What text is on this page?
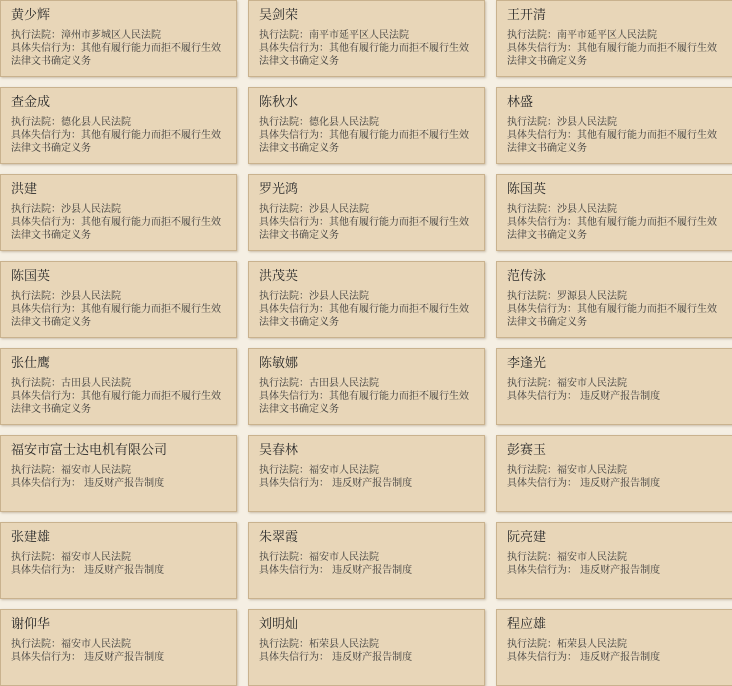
黄少辉
执行法院：漳州市芗城区人民法院
具体失信行为：其他有履行能力而拒不履行生效法律文书确定义务
吴剑荣
执行法院：南平市延平区人民法院
具体失信行为：其他有履行能力而拒不履行生效法律文书确定义务
王开清
执行法院：南平市延平区人民法院
具体失信行为：其他有履行能力而拒不履行生效法律文书确定义务
查金成
执行法院：德化县人民法院
具体失信行为：其他有履行能力而拒不履行生效法律文书确定义务
陈秋水
执行法院：德化县人民法院
具体失信行为：其他有履行能力而拒不履行生效法律文书确定义务
林盛
执行法院：沙县人民法院
具体失信行为：其他有履行能力而拒不履行生效法律文书确定义务
洪建
执行法院：沙县人民法院
具体失信行为：其他有履行能力而拒不履行生效法律文书确定义务
罗光鸿
执行法院：沙县人民法院
具体失信行为：其他有履行能力而拒不履行生效法律文书确定义务
陈国英
执行法院：沙县人民法院
具体失信行为：其他有履行能力而拒不履行生效法律文书确定义务
陈国英
执行法院：沙县人民法院
具体失信行为：其他有履行能力而拒不履行生效法律文书确定义务
洪茂英
执行法院：沙县人民法院
具体失信行为：其他有履行能力而拒不履行生效法律文书确定义务
范传泳
执行法院：罗源县人民法院
具体失信行为：其他有履行能力而拒不履行生效法律文书确定义务
张仕鹰
执行法院：古田县人民法院
具体失信行为：其他有履行能力而拒不履行生效法律文书确定义务
陈敏娜
执行法院：古田县人民法院
具体失信行为：其他有履行能力而拒不履行生效法律文书确定义务
李逢光
执行法院：福安市人民法院
具体失信行为： 违反财产报告制度
福安市富士达电机有限公司
执行法院：福安市人民法院
具体失信行为： 违反财产报告制度
吴春林
执行法院：福安市人民法院
具体失信行为： 违反财产报告制度
彭赛玉
执行法院：福安市人民法院
具体失信行为： 违反财产报告制度
张建雄
执行法院：福安市人民法院
具体失信行为： 违反财产报告制度
朱翠霞
执行法院：福安市人民法院
具体失信行为： 违反财产报告制度
阮亮建
执行法院：福安市人民法院
具体失信行为： 违反财产报告制度
谢仰华
执行法院：福安市人民法院
具体失信行为： 违反财产报告制度
刘明灿
执行法院：柘荣县人民法院
具体失信行为： 违反财产报告制度
程应雄
执行法院：柘荣县人民法院
具体失信行为： 违反财产报告制度
